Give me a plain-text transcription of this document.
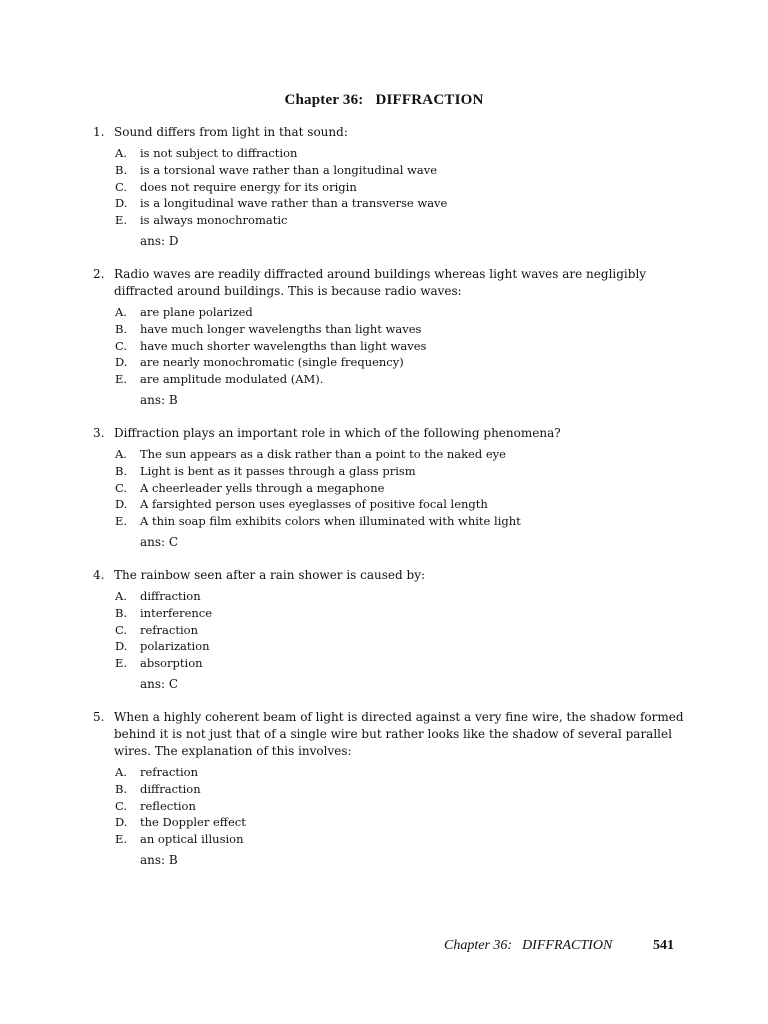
Chapter 36: DIFFRACTION
1. Sound differs from light in that sound:
A.	is not subject to diffraction
B.	is a torsional wave rather than a longitudinal wave
C.	does not require energy for its origin
D.	is a longitudinal wave rather than a transverse wave
E.	is always monochromatic
ans: D
2. Radio waves are readily diffracted around buildings whereas light waves are negligibly diffracted around buildings. This is because radio waves:
A.	are plane polarized
B.	have much longer wavelengths than light waves
C.	have much shorter wavelengths than light waves
D.	are nearly monochromatic (single frequency)
E.	are amplitude modulated (AM).
ans: B
3. Diffraction plays an important role in which of the following phenomena?
A.	The sun appears as a disk rather than a point to the naked eye
B.	Light is bent as it passes through a glass prism
C.	A cheerleader yells through a megaphone
D.	A farsighted person uses eyeglasses of positive focal length
E.	A thin soap film exhibits colors when illuminated with white light
ans: C
4. The rainbow seen after a rain shower is caused by:
A.	diffraction
B.	interference
C.	refraction
D.	polarization
E.	absorption
ans: C
5. When a highly coherent beam of light is directed against a very fine wire, the shadow formed behind it is not just that of a single wire but rather looks like the shadow of several parallel wires. The explanation of this involves:
A.	refraction
B.	diffraction
C.	reflection
D.	the Doppler effect
E.	an optical illusion
ans: B
Chapter 36: DIFFRACTION	541
